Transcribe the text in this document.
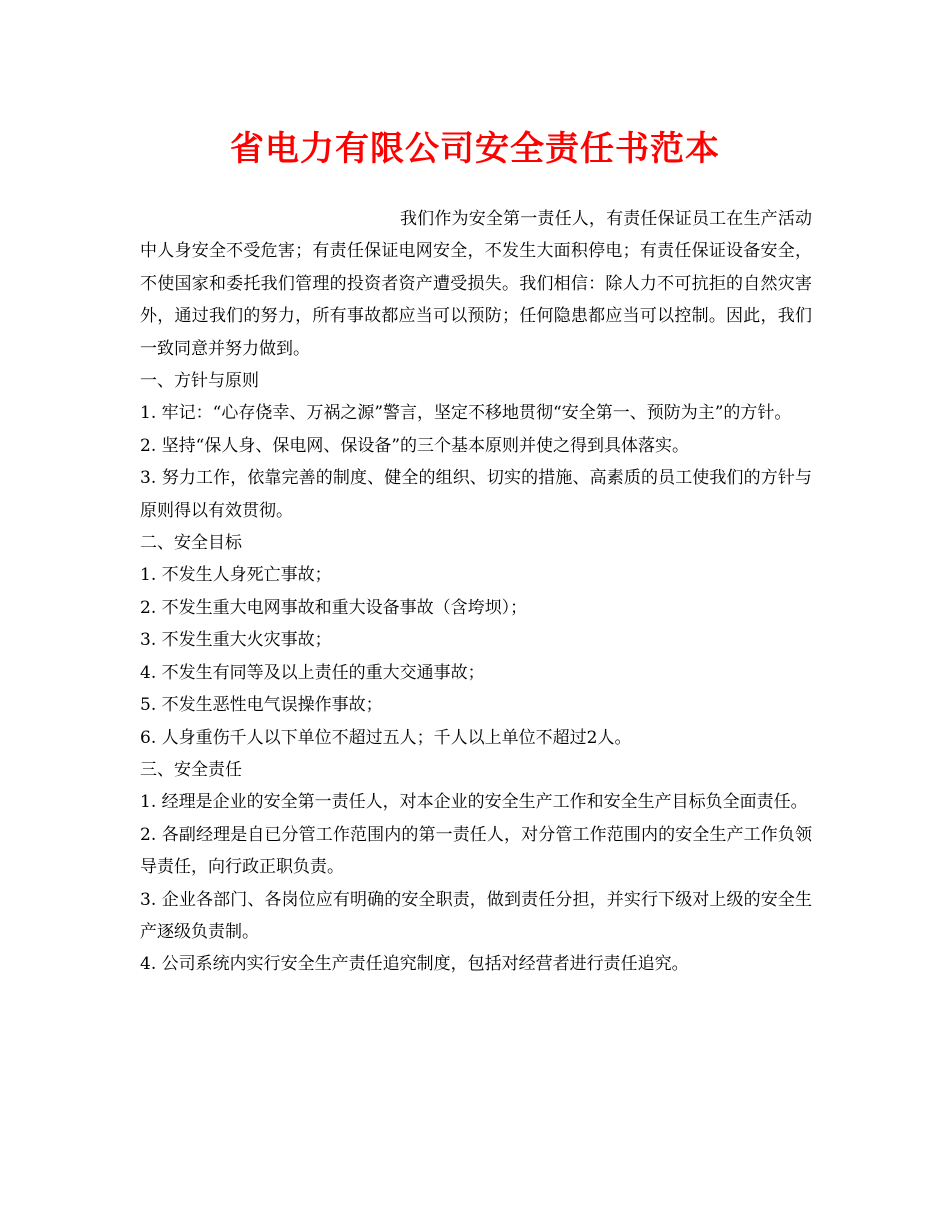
省电力有限公司安全责任书范本

我们作为安全第一责任人，有责任保证员工在生产活动中人身安全不受危害；有责任保证电网安全，不发生大面积停电；有责任保证设备安全，不使国家和委托我们管理的投资者资产遭受损失。我们相信：除人力不可抗拒的自然灾害外，通过我们的努力，所有事故都应当可以预防；任何隐患都应当可以控制。因此，我们一致同意并努力做到。

一、方针与原则

1. 牢记：“心存侥幸、万祸之源”警言，坚定不移地贯彻“安全第一、预防为主”的方针。

2. 坚持“保人身、保电网、保设备”的三个基本原则并使之得到具体落实。

3. 努力工作，依靠完善的制度、健全的组织、切实的措施、高素质的员工使我们的方针与原则得以有效贯彻。

二、安全目标

1. 不发生人身死亡事故；

2. 不发生重大电网事故和重大设备事故（含垮坝）；

3. 不发生重大火灾事故；

4. 不发生有同等及以上责任的重大交通事故；

5. 不发生恶性电气误操作事故；

6. 人身重伤千人以下单位不超过五人；千人以上单位不超过2人。

三、安全责任

1. 经理是企业的安全第一责任人，对本企业的安全生产工作和安全生产目标负全面责任。

2. 各副经理是自已分管工作范围内的第一责任人，对分管工作范围内的安全生产工作负领导责任，向行政正职负责。

3. 企业各部门、各岗位应有明确的安全职责，做到责任分担，并实行下级对上级的安全生产逐级负责制。

4. 公司系统内实行安全生产责任追究制度，包括对经营者进行责任追究。
